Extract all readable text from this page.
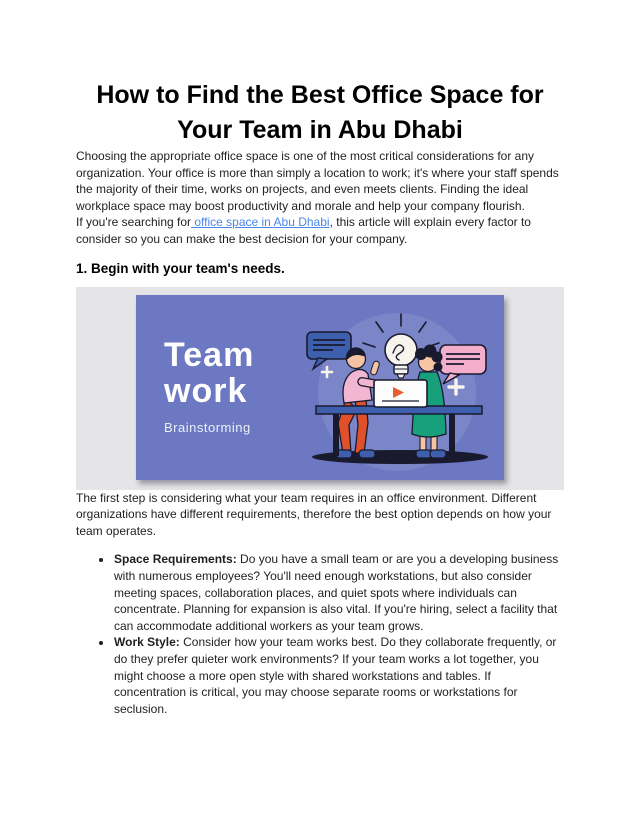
How to Find the Best Office Space for Your Team in Abu Dhabi

Choosing the appropriate office space is one of the most critical considerations for any organization. Your office is more than simply a location to work; it's where your staff spends the majority of their time, works on projects, and even meets clients. Finding the ideal workplace space may boost productivity and morale and help your company flourish.

If you're searching for office space in Abu Dhabi, this article will explain every factor to consider so you can make the best decision for your company.

1. Begin with your team's needs.
Team
work
Brainstorming

The first step is considering what your team requires in an office environment. Different organizations have different requirements, therefore the best option depends on how your team operates.

• Space Requirements: Do you have a small team or are you a developing business with numerous employees? You'll need enough workstations, but also consider meeting spaces, collaboration places, and quiet spots where individuals can concentrate. Planning for expansion is also vital. If you're hiring, select a facility that can accommodate additional workers as your team grows.
• Work Style: Consider how your team works best. Do they collaborate frequently, or do they prefer quieter work environments? If your team works a lot together, you might choose a more open style with shared workstations and tables. If concentration is critical, you may choose separate rooms or workstations for seclusion.
